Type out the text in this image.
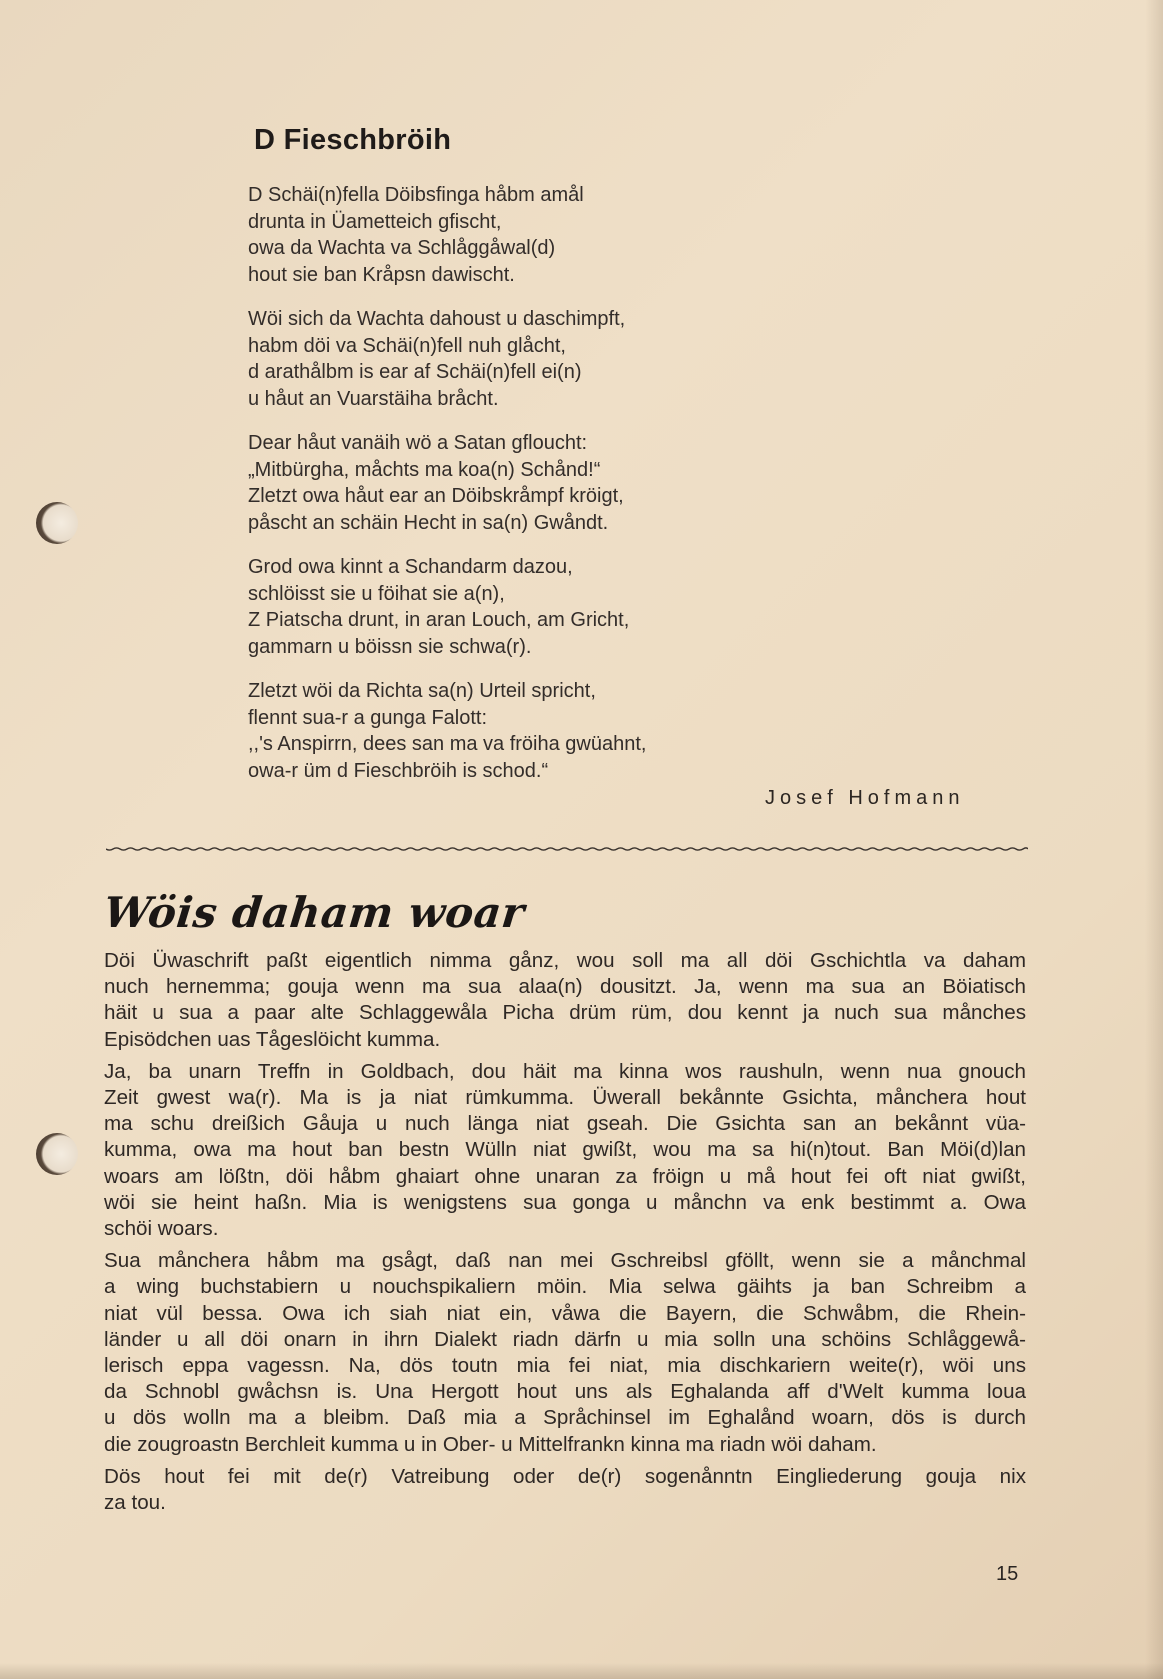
D Fieschbröih
D Schäi(n)fella Döibsfinga håbm amål
drunta in Üametteich gfischt,
owa da Wachta va Schlåggåwal(d)
hout sie ban Kråpsn dawischt.
Wöi sich da Wachta dahoust u daschimpft,
habm döi va Schäi(n)fell nuh glåcht,
d arathålbm is ear af Schäi(n)fell ei(n)
u håut an Vuarstäiha bråcht.
Dear håut vanäih wö a Satan gfloucht:
„Mitbürgha, måchts ma koa(n) Schånd!“
Zletzt owa håut ear an Döibskråmpf kröigt,
påscht an schäin Hecht in sa(n) Gwåndt.
Grod owa kinnt a Schandarm dazou,
schlöisst sie u föihat sie a(n),
Z Piatscha drunt, in aran Louch, am Gricht,
gammarn u böissn sie schwa(r).
Zletzt wöi da Richta sa(n) Urteil spricht,
flennt sua-r a gunga Falott:
,,'s Anspirrn, dees san ma va fröiha gwüahnt,
owa-r üm d Fieschbröih is schod.“
Josef Hofmann
Wöis daham woar
Döi Üwaschrift paßt eigentlich nimma gånz, wou soll ma all döi Gschichtla va daham
nuch hernemma; gouja wenn ma sua alaa(n) dousitzt. Ja, wenn ma sua an Böiatisch
häit u sua a paar alte Schlaggewåla Picha drüm rüm, dou kennt ja nuch sua månches
Episödchen uas Tågeslöicht kumma.
Ja, ba unarn Treffn in Goldbach, dou häit ma kinna wos raushuln, wenn nua gnouch
Zeit gwest wa(r). Ma is ja niat rümkumma. Üwerall bekånnte Gsichta, månchera hout
ma schu dreißich Gåuja u nuch länga niat gseah. Die Gsichta san an bekånnt vüa-
kumma, owa ma hout ban bestn Wülln niat gwißt, wou ma sa hi(n)tout. Ban Möi(d)lan
woars am lößtn, döi håbm ghaiart ohne unaran za fröign u må hout fei oft niat gwißt,
wöi sie heint haßn. Mia is wenigstens sua gonga u månchn va enk bestimmt a. Owa
schöi woars.
Sua månchera håbm ma gsågt, daß nan mei Gschreibsl gföllt, wenn sie a månchmal
a wing buchstabiern u nouchspikaliern möin. Mia selwa gäihts ja ban Schreibm a
niat vül bessa. Owa ich siah niat ein, våwa die Bayern, die Schwåbm, die Rhein-
länder u all döi onarn in ihrn Dialekt riadn därfn u mia solln una schöins Schlåggewå-
lerisch eppa vagessn. Na, dös toutn mia fei niat, mia dischkariern weite(r), wöi uns
da Schnobl gwåchsn is. Una Hergott hout uns als Eghalanda aff d'Welt kumma loua
u dös wolln ma a bleibm. Daß mia a Språchinsel im Eghalånd woarn, dös is durch
die zougroastn Berchleit kumma u in Ober- u Mittelfrankn kinna ma riadn wöi daham.
Dös hout fei mit de(r) Vatreibung oder de(r) sogenånntn Eingliederung gouja nix
za tou.
15
